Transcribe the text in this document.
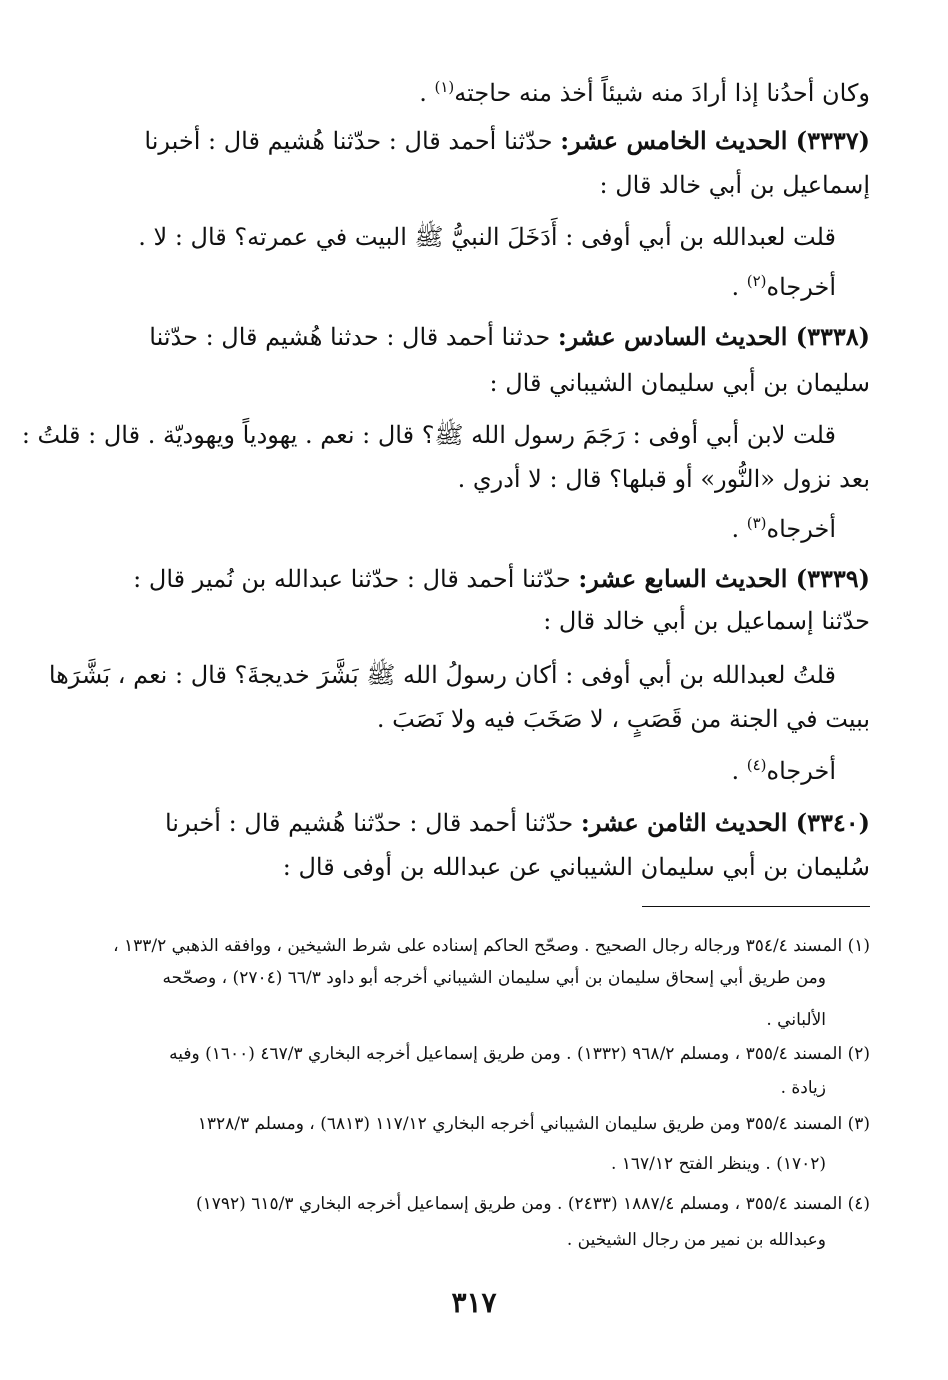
وكان أحدُنا إذا أرادَ منه شيئاً أخذ منه حاجته$^{(١)}$ .
(٣٣٣٧) الحديث الخامس عشر: حدّثنا أحمد قال : حدّثنا هُشيم قال : أخبرنا
إسماعيل بن أبي خالد قال :
قلت لعبدالله بن أبي أوفى : أَدَخَلَ النبيُّ ﷺ البيت في عمرته؟ قال : لا .
أخرجاه$^{(٢)}$ .
(٣٣٣٨) الحديث السادس عشر: حدثنا أحمد قال : حدثنا هُشيم قال : حدّثنا
سليمان بن أبي سليمان الشيباني قال :
قلت لابن أبي أوفى : رَجَمَ رسول الله ﷺ؟ قال : نعم . يهودياً ويهوديّة . قال : قلتُ :
بعد نزول «النُّور» أو قبلها؟ قال : لا أدري .
أخرجاه$^{(٣)}$ .
(٣٣٣٩) الحديث السابع عشر: حدّثنا أحمد قال : حدّثنا عبدالله بن نُمير قال :
حدّثنا إسماعيل بن أبي خالد قال :
قلتُ لعبدالله بن أبي أوفى : أكان رسولُ الله ﷺ بَشَّرَ خديجةَ؟ قال : نعم ، بَشَّرَها
ببيت في الجنة من قَصَبٍ ، لا صَخَبَ فيه ولا نَصَبَ .
أخرجاه$^{(٤)}$ .
(٣٣٤٠) الحديث الثامن عشر: حدّثنا أحمد قال : حدّثنا هُشيم قال : أخبرنا
سُليمان بن أبي سليمان الشيباني عن عبدالله بن أوفى قال :
(١) المسند ٣٥٤/٤ ورجاله رجال الصحيح . وصحّح الحاكم إسناده على شرط الشيخين ، ووافقه الذهبي ١٣٣/٢ ،
ومن طريق أبي إسحاق سليمان بن أبي سليمان الشيباني أخرجه أبو داود ٦٦/٣ (٢٧٠٤) ، وصحّحه
الألباني .
(٢) المسند ٣٥٥/٤ ، ومسلم ٩٦٨/٢ (١٣٣٢) . ومن طريق إسماعيل أخرجه البخاري ٤٦٧/٣ (١٦٠٠) وفيه
زيادة .
(٣) المسند ٣٥٥/٤ ومن طريق سليمان الشيباني أخرجه البخاري ١١٧/١٢ (٦٨١٣) ، ومسلم ١٣٢٨/٣
(١٧٠٢) . وينظر الفتح ١٦٧/١٢ .
(٤) المسند ٣٥٥/٤ ، ومسلم ١٨٨٧/٤ (٢٤٣٣) . ومن طريق إسماعيل أخرجه البخاري ٦١٥/٣ (١٧٩٢)
وعبدالله بن نمير من رجال الشيخين .
٣١٧
